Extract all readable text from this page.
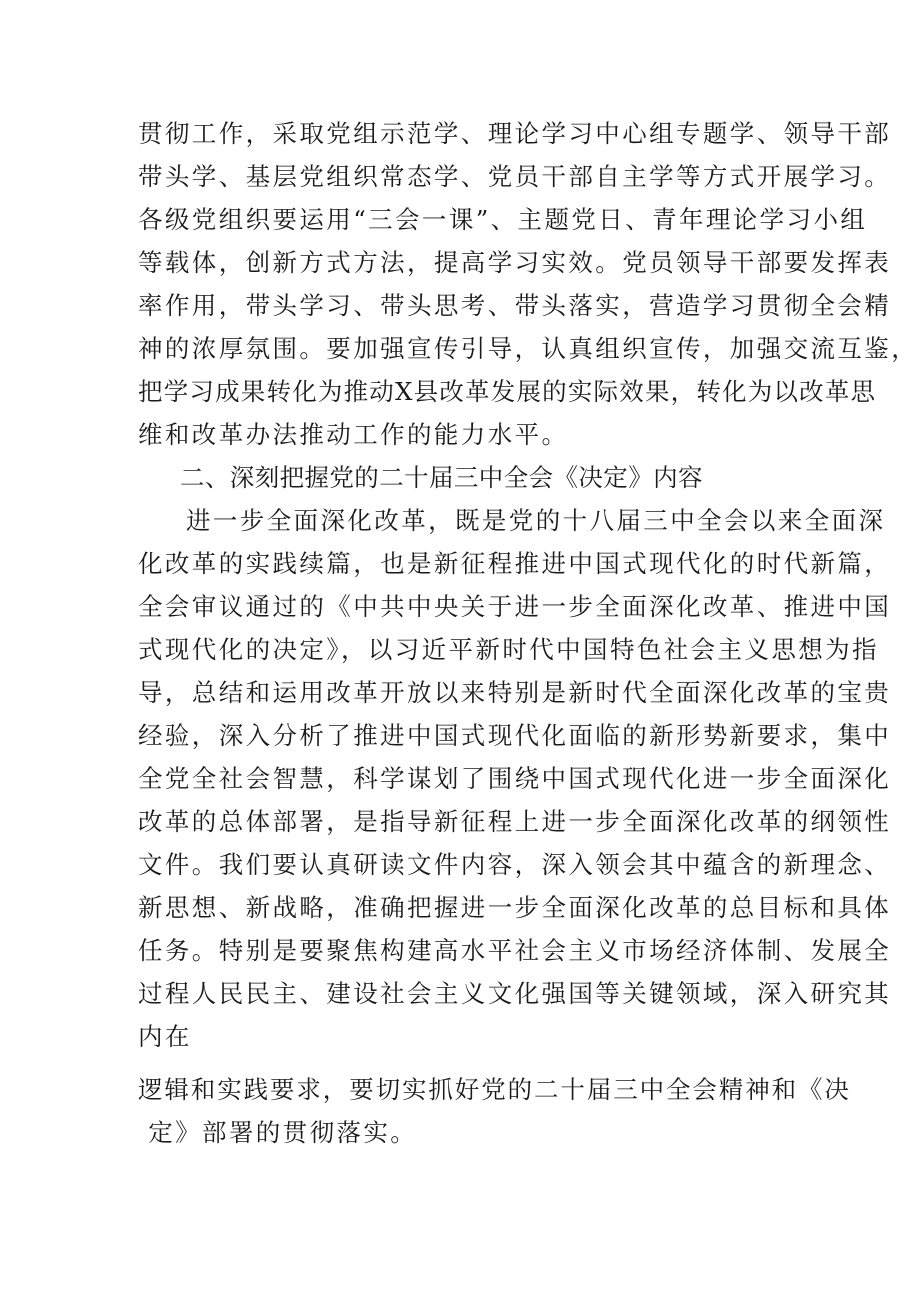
贯彻工作，采取党组示范学、理论学习中心组专题学、领导干部
带头学、基层党组织常态学、党员干部自主学等方式开展学习。
各级党组织要运用“三会一课”、主题党日、青年理论学习小组
等载体，创新方式方法，提高学习实效。党员领导干部要发挥表
率作用，带头学习、带头思考、带头落实，营造学习贯彻全会精
神的浓厚氛围。要加强宣传引导，认真组织宣传，加强交流互鉴，
把学习成果转化为推动X县改革发展的实际效果，转化为以改革思
维和改革办法推动工作的能力水平。
二、深刻把握党的二十届三中全会《决定》内容
进一步全面深化改革，既是党的十八届三中全会以来全面深
化改革的实践续篇，也是新征程推进中国式现代化的时代新篇，
全会审议通过的《中共中央关于进一步全面深化改革、推进中国
式现代化的决定》，以习近平新时代中国特色社会主义思想为指
导，总结和运用改革开放以来特别是新时代全面深化改革的宝贵
经验，深入分析了推进中国式现代化面临的新形势新要求，集中
全党全社会智慧，科学谋划了围绕中国式现代化进一步全面深化
改革的总体部署，是指导新征程上进一步全面深化改革的纲领性
文件。我们要认真研读文件内容，深入领会其中蕴含的新理念、
新思想、新战略，准确把握进一步全面深化改革的总目标和具体
任务。特别是要聚焦构建高水平社会主义市场经济体制、发展全
过程人民民主、建设社会主义文化强国等关键领域，深入研究其
内在
逻辑和实践要求，要切实抓好党的二十届三中全会精神和《决
定》部署的贯彻落实。
